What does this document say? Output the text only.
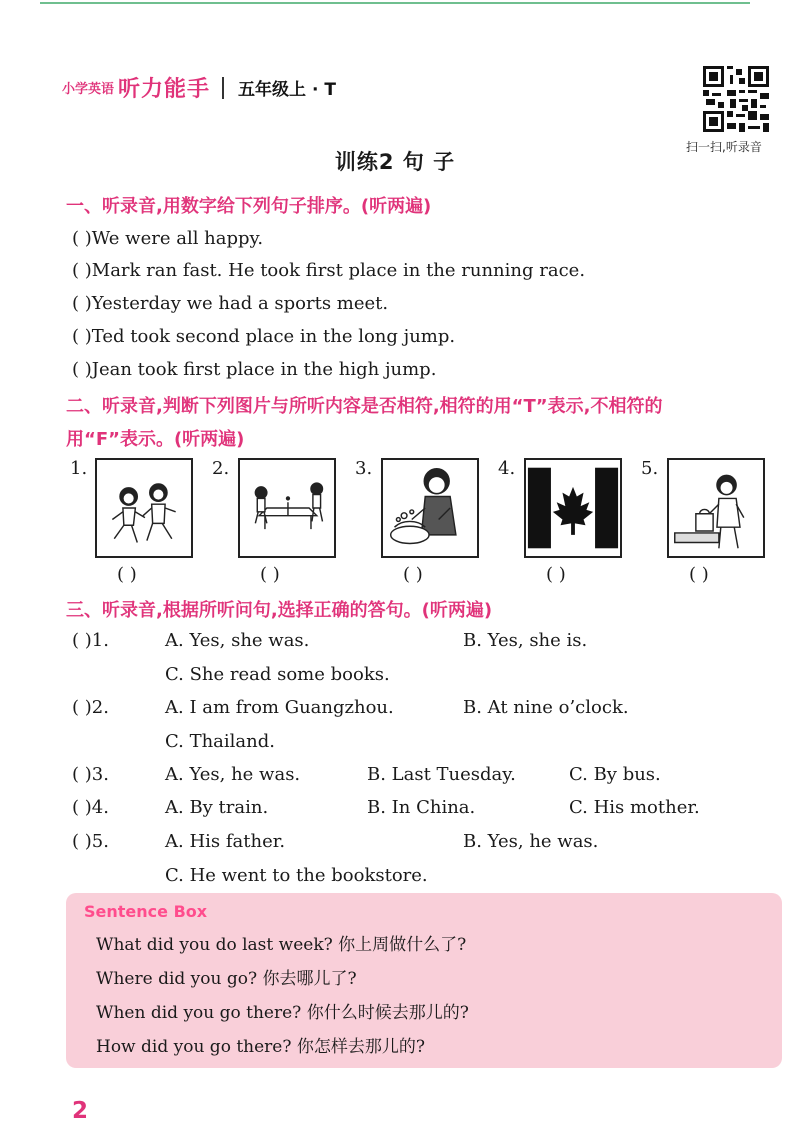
小学英语 听力能手 五年级上 · T
扫一扫,听录音
训练2 句 子
一、听录音,用数字给下列句子排序。(听两遍)
( )We were all happy.
( )Mark ran fast. He took first place in the running race.
( )Yesterday we had a sports meet.
( )Ted took second place in the long jump.
( )Jean took first place in the high jump.
二、听录音,判断下列图片与所听内容是否相符,相符的用“T”表示,不相符的
用“F”表示。(听两遍)
1.	2.	3.	4.	5.
( )	( )	( )	( )	( )
三、听录音,根据所听问句,选择正确的答句。(听两遍)
( )1.	A. Yes, she was.	B. Yes, she is.
C. She read some books.
( )2.	A. I am from Guangzhou.	B. At nine o’clock.
C. Thailand.
( )3.	A. Yes, he was.	B. Last Tuesday.	C. By bus.
( )4.	A. By train.	B. In China.	C. His mother.
( )5.	A. His father.	B. Yes, he was.
C. He went to the bookstore.
Sentence Box
What did you do last week? 你上周做什么了?
Where did you go? 你去哪儿了?
When did you go there? 你什么时候去那儿的?
How did you go there? 你怎样去那儿的?
2
